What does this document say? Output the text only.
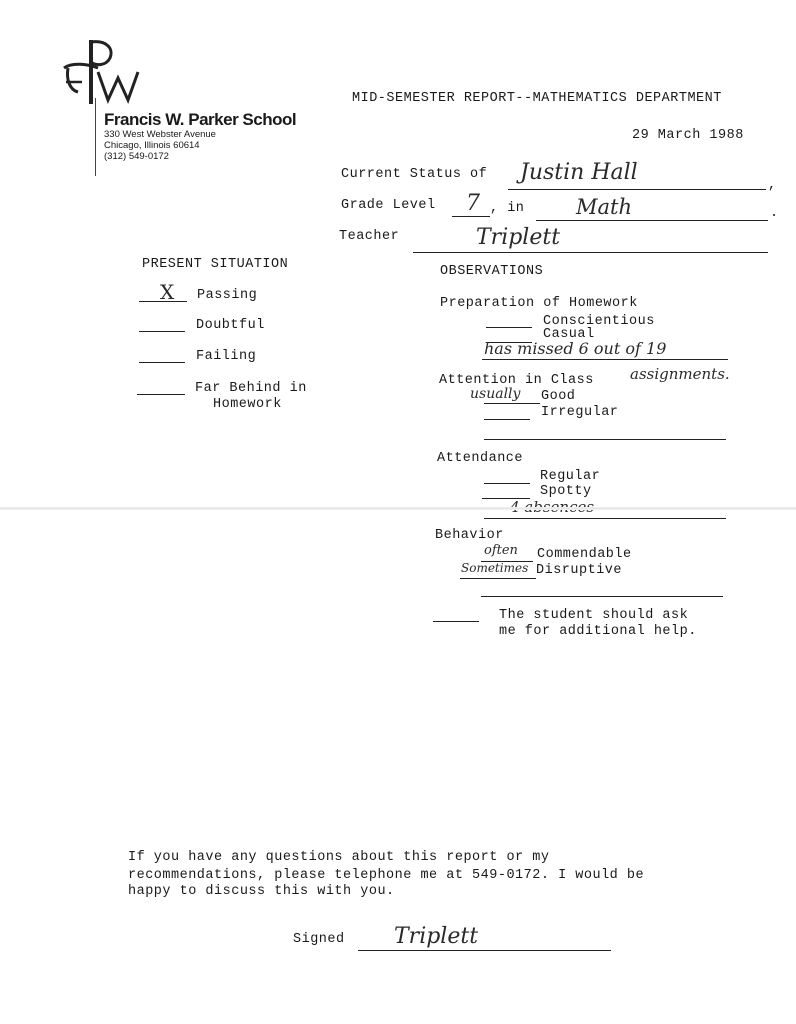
Francis W. Parker School
330 West Webster Avenue
Chicago, Illinois 60614
(312) 549-0172
MID-SEMESTER REPORT--MATHEMATICS DEPARTMENT
29 March 1988
Current Status of Justin Hall
,
Grade Level 7 , in Math	.
Teacher	Triplett
PRESENT SITUATION
X Passing
Doubtful
Failing
Far Behind in
Homework
OBSERVATIONS
Preparation of Homework
Conscientious
Casual
has missed 6 out of 19
assignments.
Attention in Class
usually Good
Irregular
Attendance
Regular
Spotty
Behavior
often Commendable
Sometimes Disruptive
The student should ask
me for additional help.
If you have any questions about this report or my
recommendations, please telephone me at 549-0172. I would be
happy to discuss this with you.
Signed Triplett
